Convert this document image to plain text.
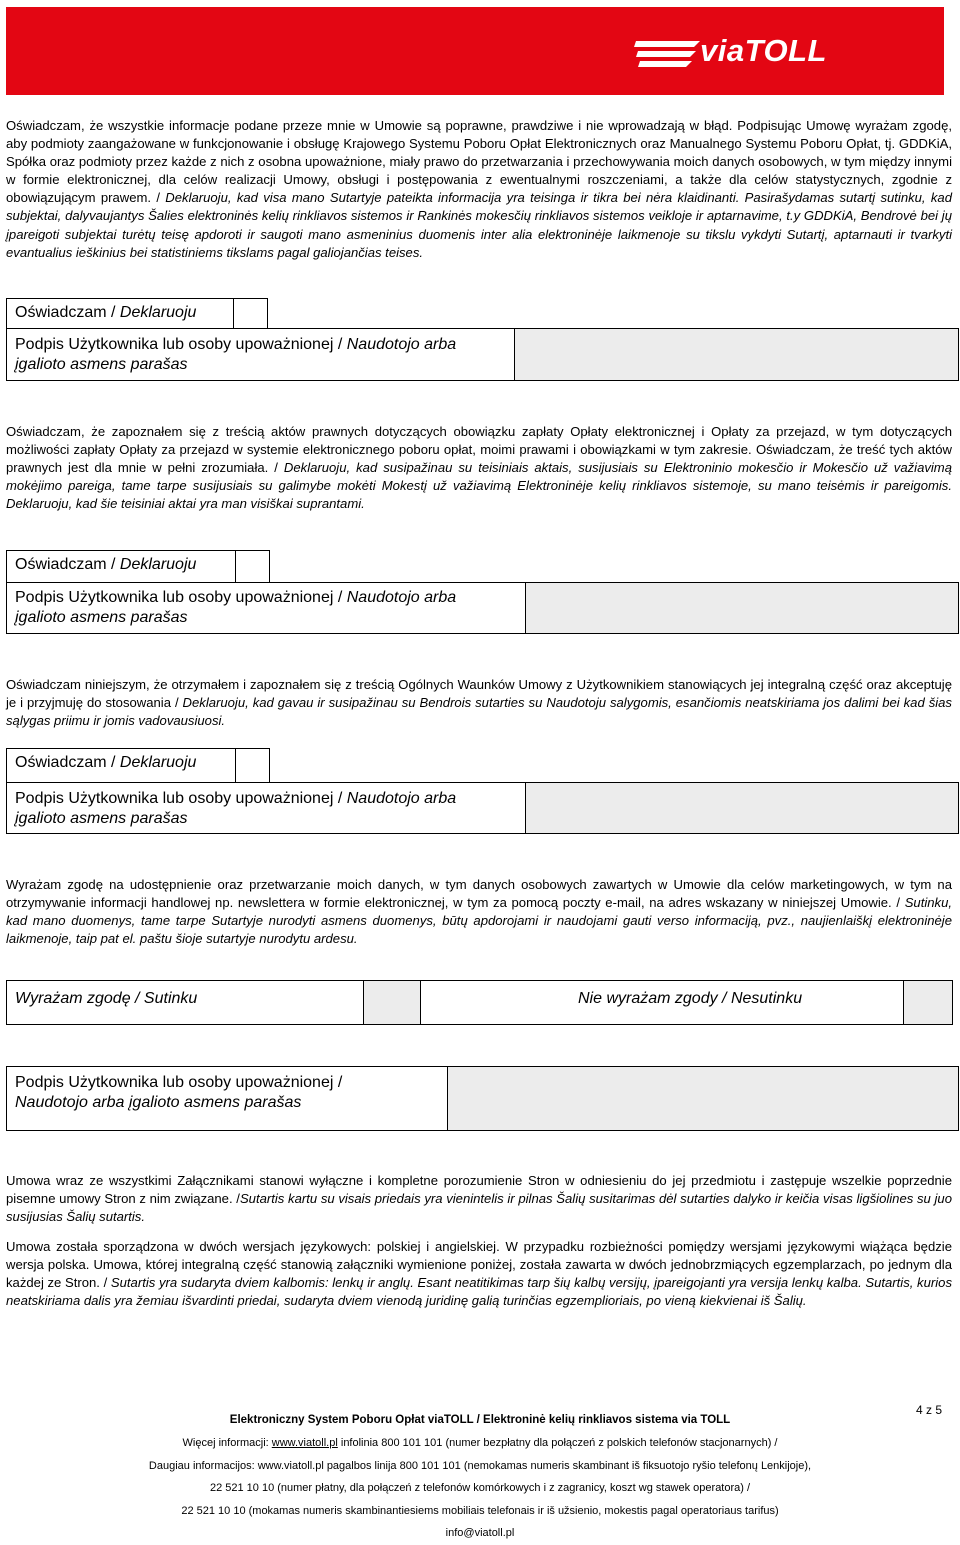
viaTOLL
Oświadczam, że wszystkie informacje podane przeze mnie w Umowie są poprawne, prawdziwe i nie wprowadzają w błąd. Podpisując Umowę wyrażam zgodę, aby podmioty zaangażowane w funkcjonowanie i obsługę Krajowego Systemu Poboru Opłat Elektronicznych oraz Manualnego Systemu Poboru Opłat, tj. GDDKiA, Spółka oraz podmioty przez każde z nich z osobna upoważnione, miały prawo do przetwarzania i przechowywania moich danych osobowych, w tym między innymi w formie elektronicznej, dla celów realizacji Umowy, obsługi i postępowania z ewentualnymi roszczeniami, a także dla celów statystycznych, zgodnie z obowiązującym prawem. / Deklaruoju, kad visa mano Sutartyje pateikta informacija yra teisinga ir tikra bei nėra klaidinanti. Pasirašydamas sutartį sutinku, kad subjektai, dalyvaujantys Šalies elektroninės kelių rinkliavos sistemos ir Rankinės mokesčių rinkliavos sistemos veikloje ir aptarnavime, t.y GDDKiA, Bendrovė bei jų įpareigoti subjektai turėtų teisę apdoroti ir saugoti mano asmeninius duomenis inter alia elektroninėje laikmenoje su tikslu vykdyti Sutartį, aptarnauti ir tvarkyti evantualius ieškinius bei statistiniems tikslams pagal galiojančias teises.
Oświadczam / Deklaruoju
Podpis Użytkownika lub osoby upoważnionej / Naudotojo arba
įgalioto asmens parašas
Oświadczam, że zapoznałem się z treścią aktów prawnych dotyczących obowiązku zapłaty Opłaty elektronicznej i Opłaty za przejazd, w tym dotyczących możliwości zapłaty Opłaty za przejazd w systemie elektronicznego poboru opłat, moimi prawami i obowiązkami w tym zakresie. Oświadczam, że treść tych aktów prawnych jest dla mnie w pełni zrozumiała. / Deklaruoju, kad susipažinau su teisiniais aktais, susijusiais su Elektroninio mokesčio ir Mokesčio už važiavimą mokėjimo pareiga, tame tarpe susijusiais su galimybe mokėti Mokestį už važiavimą Elektroninėje kelių rinkliavos sistemoje, su mano teisėmis ir pareigomis. Deklaruoju, kad šie teisiniai aktai yra man visiškai suprantami.
Oświadczam / Deklaruoju
Podpis Użytkownika lub osoby upoważnionej / Naudotojo arba
įgalioto asmens parašas
Oświadczam niniejszym, że otrzymałem i zapoznałem się z treścią Ogólnych Waunków Umowy z Użytkownikiem stanowiących jej integralną część oraz akceptuję je i przyjmuję do stosowania / Deklaruoju, kad gavau ir susipažinau su Bendrois sutarties su Naudotoju salygomis, esančiomis neatskiriama jos dalimi bei kad šias sąlygas priimu ir jomis vadovausiuosi.
Oświadczam / Deklaruoju
Podpis Użytkownika lub osoby upoważnionej / Naudotojo arba
įgalioto asmens parašas
Wyrażam zgodę na udostępnienie oraz przetwarzanie moich danych, w tym danych osobowych zawartych w Umowie dla celów marketingowych, w tym na otrzymywanie informacji handlowej np. newslettera w formie elektronicznej, w tym za pomocą poczty e-mail, na adres wskazany w niniejszej Umowie. / Sutinku, kad mano duomenys, tame tarpe Sutartyje nurodyti asmens duomenys, būtų apdorojami ir naudojami gauti verso informaciją, pvz., naujienlaiškį elektroninėje laikmenoje, taip pat el. paštu šioje sutartyje nurodytu ardesu.
Wyrażam zgodę / Sutinku	Nie wyrażam zgody / Nesutinku
Podpis Użytkownika lub osoby upoważnionej /
Naudotojo arba įgalioto asmens parašas
Umowa wraz ze wszystkimi Załącznikami stanowi wyłączne i kompletne porozumienie Stron w odniesieniu do jej przedmiotu i zastępuje wszelkie poprzednie pisemne umowy Stron z nim związane. /Sutartis kartu su visais priedais yra vienintelis ir pilnas Šalių susitarimas dėl sutarties dalyko ir keičia visas ligšiolines su juo susijusias Šalių sutartis.
Umowa została sporządzona w dwóch wersjach językowych: polskiej i angielskiej. W przypadku rozbieżności pomiędzy wersjami językowymi wiążąca będzie wersja polska. Umowa, której integralną część stanowią załączniki wymienione poniżej, została zawarta w dwóch jednobrzmiących egzemplarzach, po jednym dla każdej ze Stron. / Sutartis yra sudaryta dviem kalbomis: lenkų ir anglų. Esant neatitikimas tarp šių kalbų versijų, įpareigojanti yra versija lenkų kalba. Sutartis, kurios neatskiriama dalis yra žemiau išvardinti priedai, sudaryta dviem vienodą juridinę galią turinčias egzemplioriais, po vieną kiekvienai iš Šalių.
4 z 5
Elektroniczny System Poboru Opłat viaTOLL / Elektroninė kelių rinkliavos sistema via TOLL
Więcej informacji: www.viatoll.pl infolinia 800 101 101 (numer bezpłatny dla połączeń z polskich telefonów stacjonarnych) /
Daugiau informacijos: www.viatoll.pl pagalbos linija 800 101 101 (nemokamas numeris skambinant iš fiksuotojo ryšio telefonų Lenkijoje),
22 521 10 10 (numer płatny, dla połączeń z telefonów komórkowych i z zagranicy, koszt wg stawek operatora) /
22 521 10 10 (mokamas numeris skambinantiesiems mobiliais telefonais ir iš užsienio, mokestis pagal operatoriaus tarifus)
info@viatoll.pl
